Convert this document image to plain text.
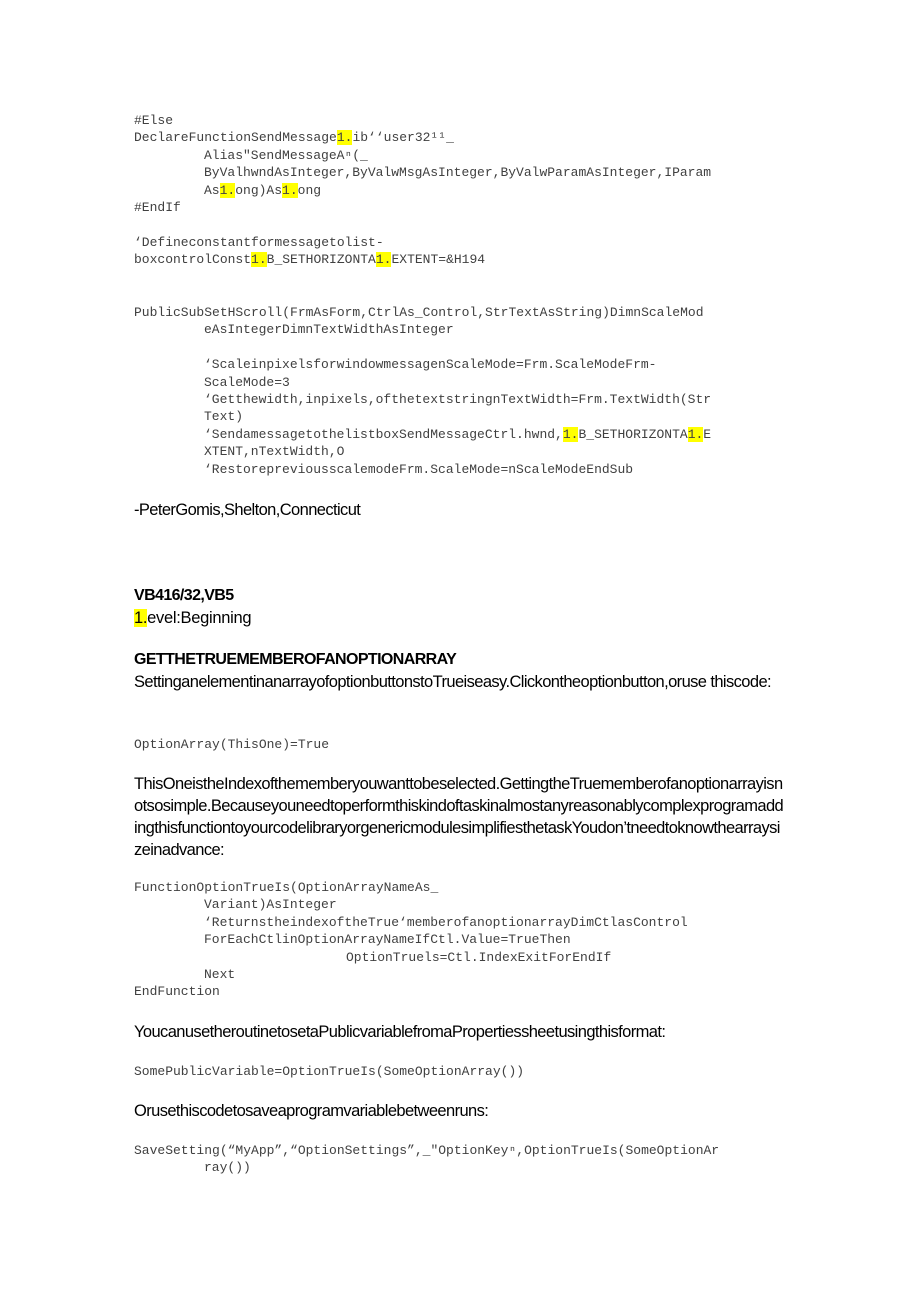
#Else
DeclareFunctionSendMessage1.ib‘‘user32¹¹_
Alias"SendMessageAⁿ(_
ByValhwndAsInteger,ByValwMsgAsInteger,ByValwParamAsInteger,IParam
As1.ong)As1.ong
#EndIf
‘Defineconstantformessagetolist-
boxcontrolConst1.B_SETHORIZONTA1.EXTENT=&H194
PublicSubSetHScroll(FrmAsForm,CtrlAs_Control,StrTextAsString)DimnScaleMod
eAsIntegerDimnTextWidthAsInteger

‘ScaleinpixelsforwindowmessagenScaleMode=Frm.ScaleModeFrm-
ScaleMode=3
‘Getthewidth,inpixels,ofthetextstringnTextWidth=Frm.TextWidth(Str
Text)
‘SendamessagetothelistboxSendMessageCtrl.hwnd,1.B_SETHORIZONTA1.E
XTENT,nTextWidth,O
‘RestorepreviousscalemodeFrm.ScaleMode=nScaleModeEndSub

-PeterGomis,Shelton,Connecticut

VB416/32,VB5

1.evel:Beginning

GETTHETRUEMEMBEROFANOPTIONARRAY

SettinganelementinanarrayofoptionbuttonstoTrueiseasy.Clickontheoptionbutton,oruse thiscode:

OptionArray(ThisOne)=True

ThisOneistheIndexofthememberyouwanttobeselected.GettingtheTruememberofanoptionarrayisnotsosimple.BecauseyouneedtoperformthiskindoftaskinalmostanyreasonablycomplexprogramaddingthisfunctiontoyourcodelibraryorgenericmodulesimplifiesthetaskYoudon’tneedtoknowthearraysizeinadvance:

FunctionOptionTrueIs(OptionArrayNameAs_
Variant)AsInteger
‘ReturnstheindexoftheTrue‘memberofanoptionarrayDimCtlasControl
ForEachCtlinOptionArrayNameIfCtl.Value=TrueThen
OptionTruels=Ctl.IndexExitForEndIf
Next
EndFunction

YoucanusetheroutinetosetaPublicvariablefromaPropertiessheetusingthisformat:

SomePublicVariable=OptionTrueIs(SomeOptionArray())

Orusethiscodetosaveaprogramvariablebetweenruns:

SaveSetting(“MyApp”,“OptionSettings”,_"OptionKeyⁿ,OptionTrueIs(SomeOptionAr
ray())
